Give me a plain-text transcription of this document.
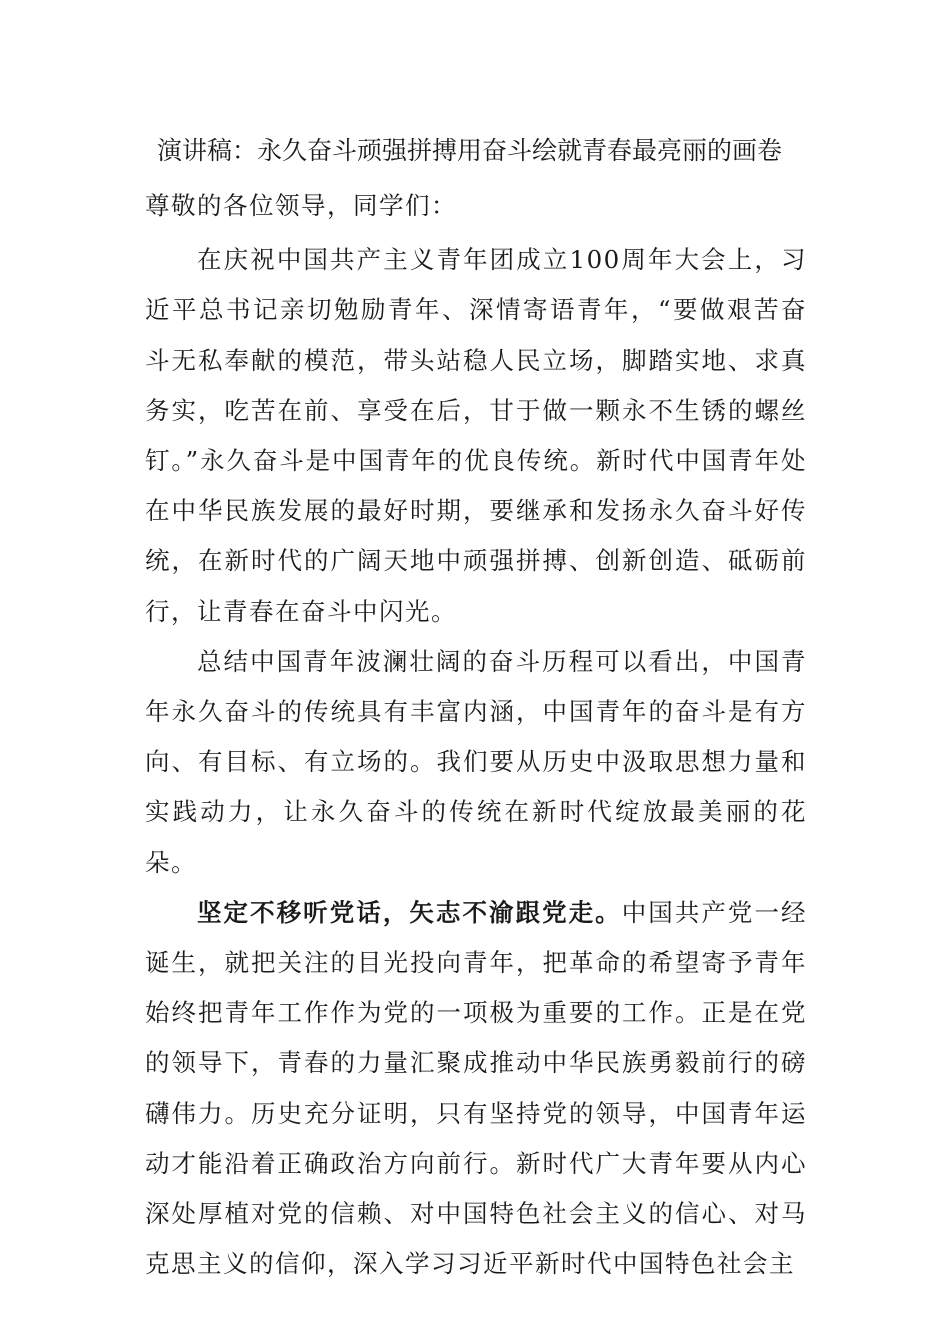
演讲稿：永久奋斗顽强拼搏用奋斗绘就青春最亮丽的画卷

尊敬的各位领导，同学们：

在庆祝中国共产主义青年团成立100周年大会上，习近平总书记亲切勉励青年、深情寄语青年，“要做艰苦奋斗无私奉献的模范，带头站稳人民立场，脚踏实地、求真务实，吃苦在前、享受在后，甘于做一颗永不生锈的螺丝钉。”永久奋斗是中国青年的优良传统。新时代中国青年处在中华民族发展的最好时期，要继承和发扬永久奋斗好传统，在新时代的广阔天地中顽强拼搏、创新创造、砥砺前行，让青春在奋斗中闪光。

总结中国青年波澜壮阔的奋斗历程可以看出，中国青年永久奋斗的传统具有丰富内涵，中国青年的奋斗是有方向、有目标、有立场的。我们要从历史中汲取思想力量和实践动力，让永久奋斗的传统在新时代绽放最美丽的花朵。

坚定不移听党话，矢志不渝跟党走。中国共产党一经诞生，就把关注的目光投向青年，把革命的希望寄予青年始终把青年工作作为党的一项极为重要的工作。正是在党的领导下，青春的力量汇聚成推动中华民族勇毅前行的磅礴伟力。历史充分证明，只有坚持党的领导，中国青年运动才能沿着正确政治方向前行。新时代广大青年要从内心深处厚植对党的信赖、对中国特色社会主义的信心、对马克思主义的信仰，深入学习习近平新时代中国特色社会主
